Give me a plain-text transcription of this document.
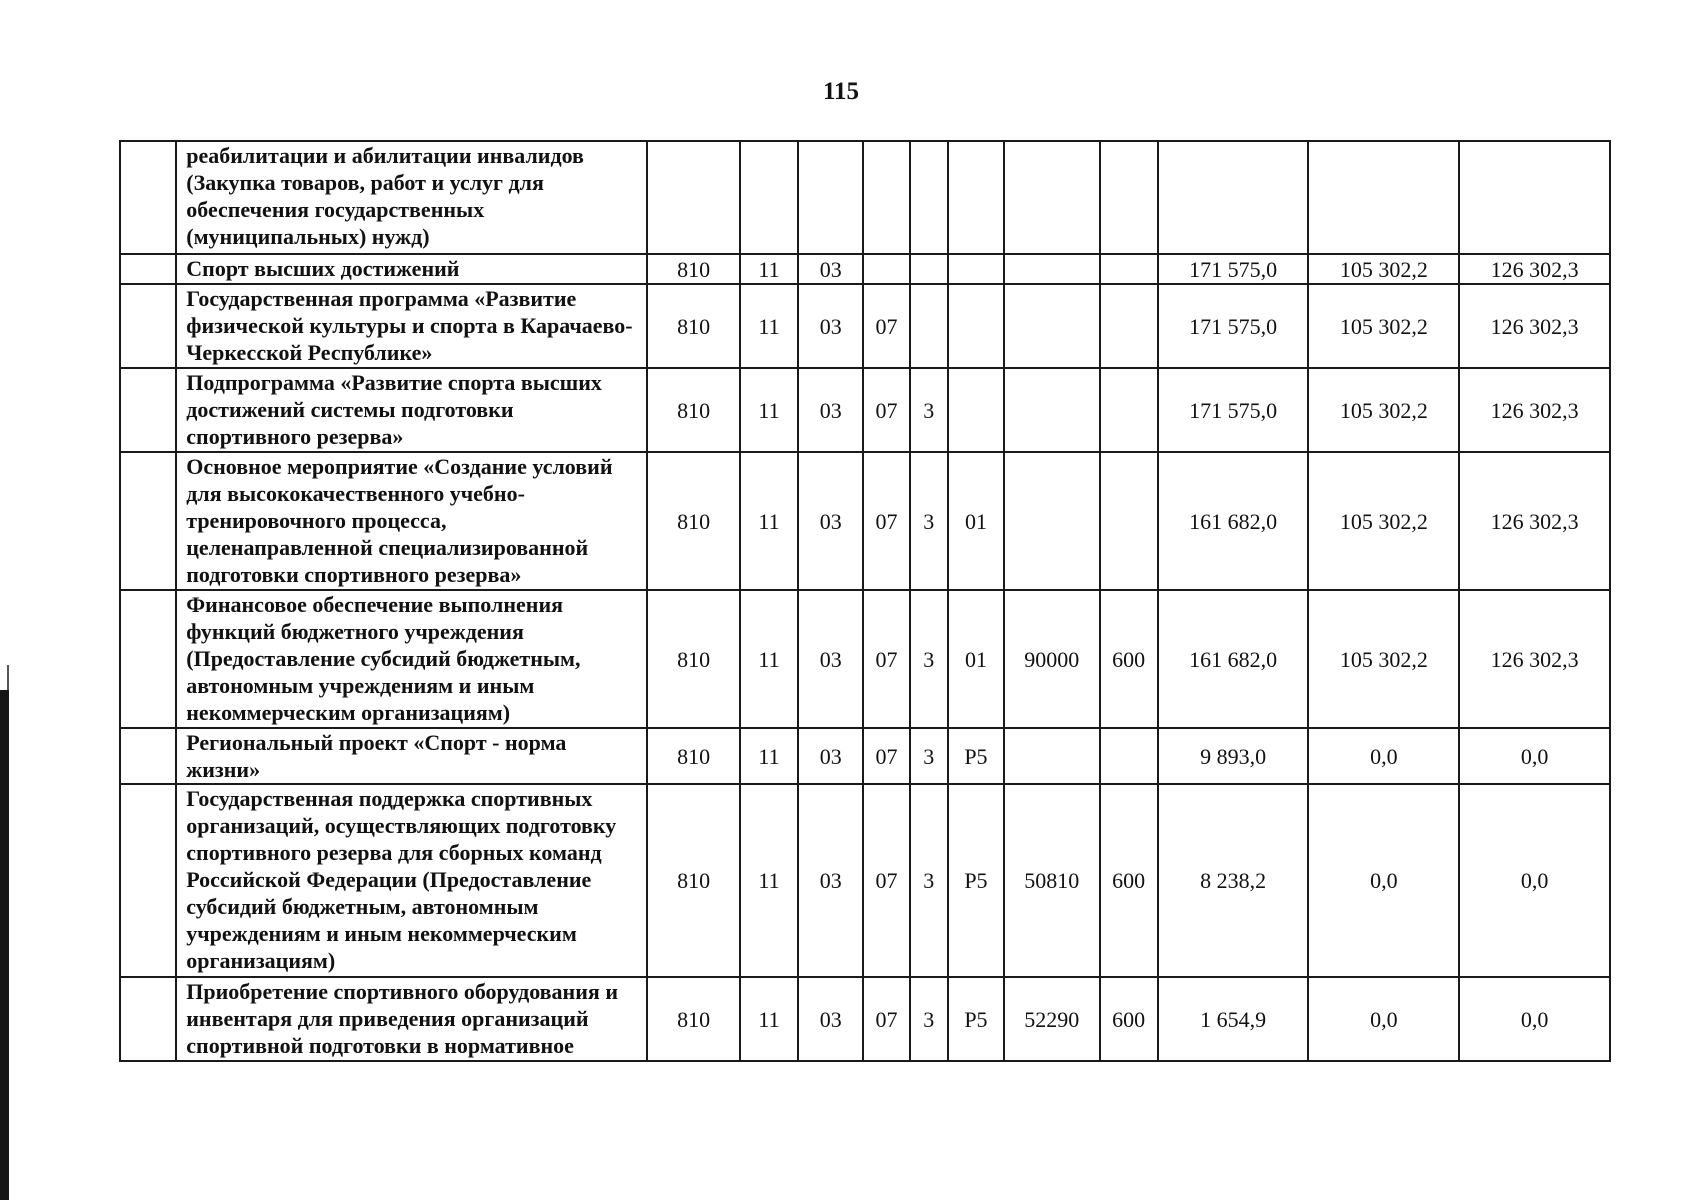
115
	реабилитации и абилитации инвалидов (Закупка товаров, работ и услуг для обеспечения государственных (муниципальных) нужд)											
	Спорт высших достижений	810	11	03						171 575,0	105 302,2	126 302,3
	Государственная программа «Развитие физической культуры и спорта в Карачаево-Черкесской Республике»	810	11	03	07					171 575,0	105 302,2	126 302,3
	Подпрограмма «Развитие спорта высших достижений системы подготовки спортивного резерва»	810	11	03	07	3				171 575,0	105 302,2	126 302,3
	Основное мероприятие «Создание условий для высококачественного учебно-тренировочного процесса, целенаправленной специализированной подготовки спортивного резерва»	810	11	03	07	3	01			161 682,0	105 302,2	126 302,3
	Финансовое обеспечение выполнения функций бюджетного учреждения (Предоставление субсидий бюджетным, автономным учреждениям и иным некоммерческим организациям)	810	11	03	07	3	01	90000	600	161 682,0	105 302,2	126 302,3
	Региональный проект «Спорт - норма жизни»	810	11	03	07	3	P5			9 893,0	0,0	0,0
	Государственная поддержка спортивных организаций, осуществляющих подготовку спортивного резерва для сборных команд Российской Федерации (Предоставление субсидий бюджетным, автономным учреждениям и иным некоммерческим организациям)	810	11	03	07	3	P5	50810	600	8 238,2	0,0	0,0
	Приобретение спортивного оборудования и инвентаря для приведения организаций спортивной подготовки в нормативное	810	11	03	07	3	P5	52290	600	1 654,9	0,0	0,0
